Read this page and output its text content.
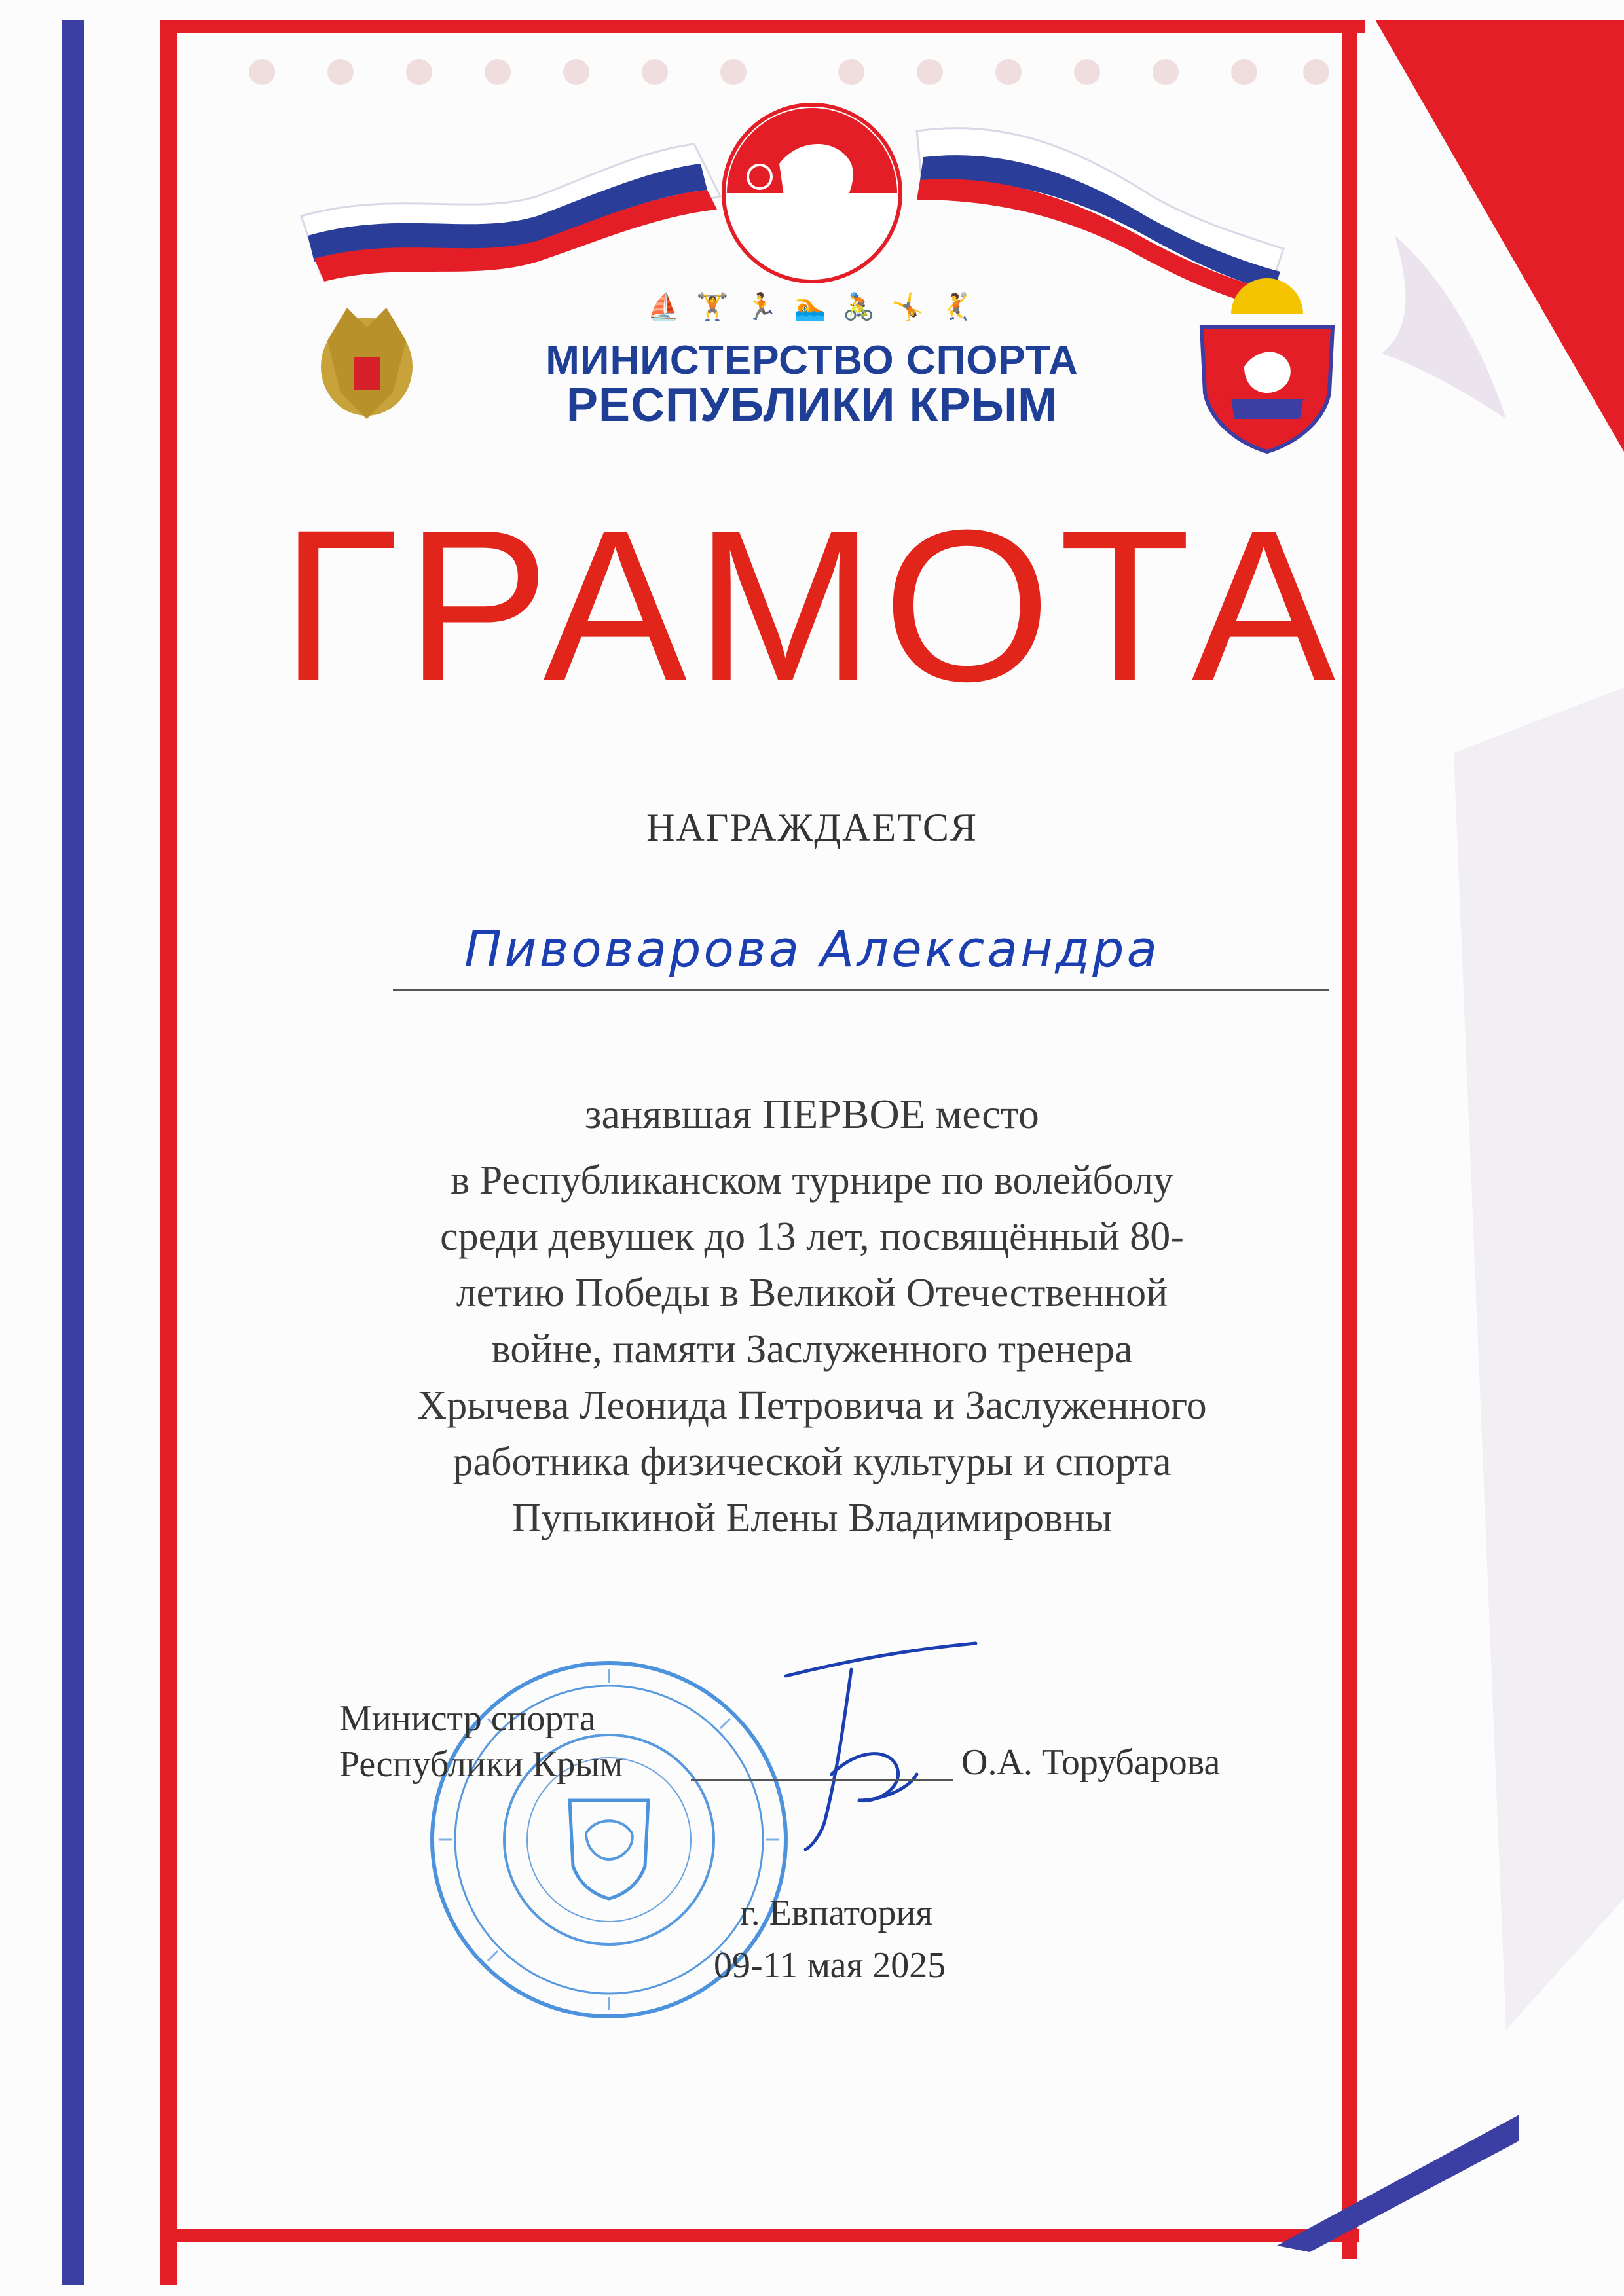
⛵ 🏋 🏃 🏊 🚴 🤸 🤾
МИНИСТЕРСТВО СПОРТА
РЕСПУБЛИКИ КРЫМ
ГРАМОТА
НАГРАЖДАЕТСЯ
Пивоварова Александра
занявшая ПЕРВОЕ место
в Республиканском турнире по волейболу
среди девушек до 13 лет, посвящённый 80-
летию Победы в Великой Отечественной
войне, памяти Заслуженного тренера
Хрычева Леонида Петровича и Заслуженного
работника физической культуры и спорта
Пупыкиной Елены Владимировны
Министр спорта
Республики Крым	О.А. Торубарова
г. Евпатория
09-11 мая 2025
